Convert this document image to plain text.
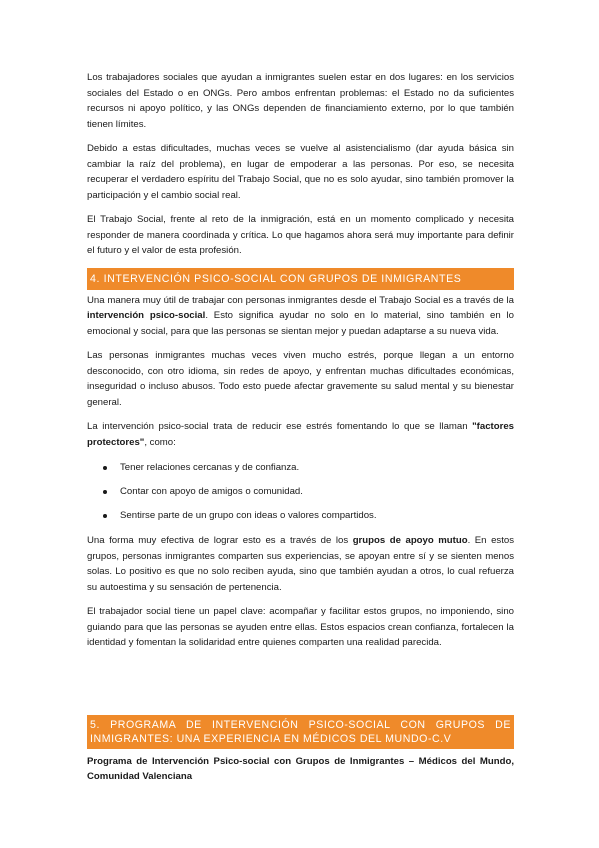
Los trabajadores sociales que ayudan a inmigrantes suelen estar en dos lugares: en los servicios sociales del Estado o en ONGs. Pero ambos enfrentan problemas: el Estado no da suficientes recursos ni apoyo político, y las ONGs dependen de financiamiento externo, por lo que también tienen límites.

Debido a estas dificultades, muchas veces se vuelve al asistencialismo (dar ayuda básica sin cambiar la raíz del problema), en lugar de empoderar a las personas. Por eso, se necesita recuperar el verdadero espíritu del Trabajo Social, que no es solo ayudar, sino también promover la participación y el cambio social real.

El Trabajo Social, frente al reto de la inmigración, está en un momento complicado y necesita responder de manera coordinada y crítica. Lo que hagamos ahora será muy importante para definir el futuro y el valor de esta profesión.

4. INTERVENCIÓN PSICO-SOCIAL CON GRUPOS DE INMIGRANTES

Una manera muy útil de trabajar con personas inmigrantes desde el Trabajo Social es a través de la intervención psico-social. Esto significa ayudar no solo en lo material, sino también en lo emocional y social, para que las personas se sientan mejor y puedan adaptarse a su nueva vida.

Las personas inmigrantes muchas veces viven mucho estrés, porque llegan a un entorno desconocido, con otro idioma, sin redes de apoyo, y enfrentan muchas dificultades económicas, inseguridad o incluso abusos. Todo esto puede afectar gravemente su salud mental y su bienestar general.

La intervención psico-social trata de reducir ese estrés fomentando lo que se llaman "factores protectores", como:

Tener relaciones cercanas y de confianza.
Contar con apoyo de amigos o comunidad.
Sentirse parte de un grupo con ideas o valores compartidos.

Una forma muy efectiva de lograr esto es a través de los grupos de apoyo mutuo. En estos grupos, personas inmigrantes comparten sus experiencias, se apoyan entre sí y se sienten menos solas. Lo positivo es que no solo reciben ayuda, sino que también ayudan a otros, lo cual refuerza su autoestima y su sensación de pertenencia.

El trabajador social tiene un papel clave: acompañar y facilitar estos grupos, no imponiendo, sino guiando para que las personas se ayuden entre ellas. Estos espacios crean confianza, fortalecen la identidad y fomentan la solidaridad entre quienes comparten una realidad parecida.

5. PROGRAMA DE INTERVENCIÓN PSICO-SOCIAL CON GRUPOS DE INMIGRANTES: UNA EXPERIENCIA EN MÉDICOS DEL MUNDO-C.V

Programa de Intervención Psico-social con Grupos de Inmigrantes – Médicos del Mundo, Comunidad Valenciana
